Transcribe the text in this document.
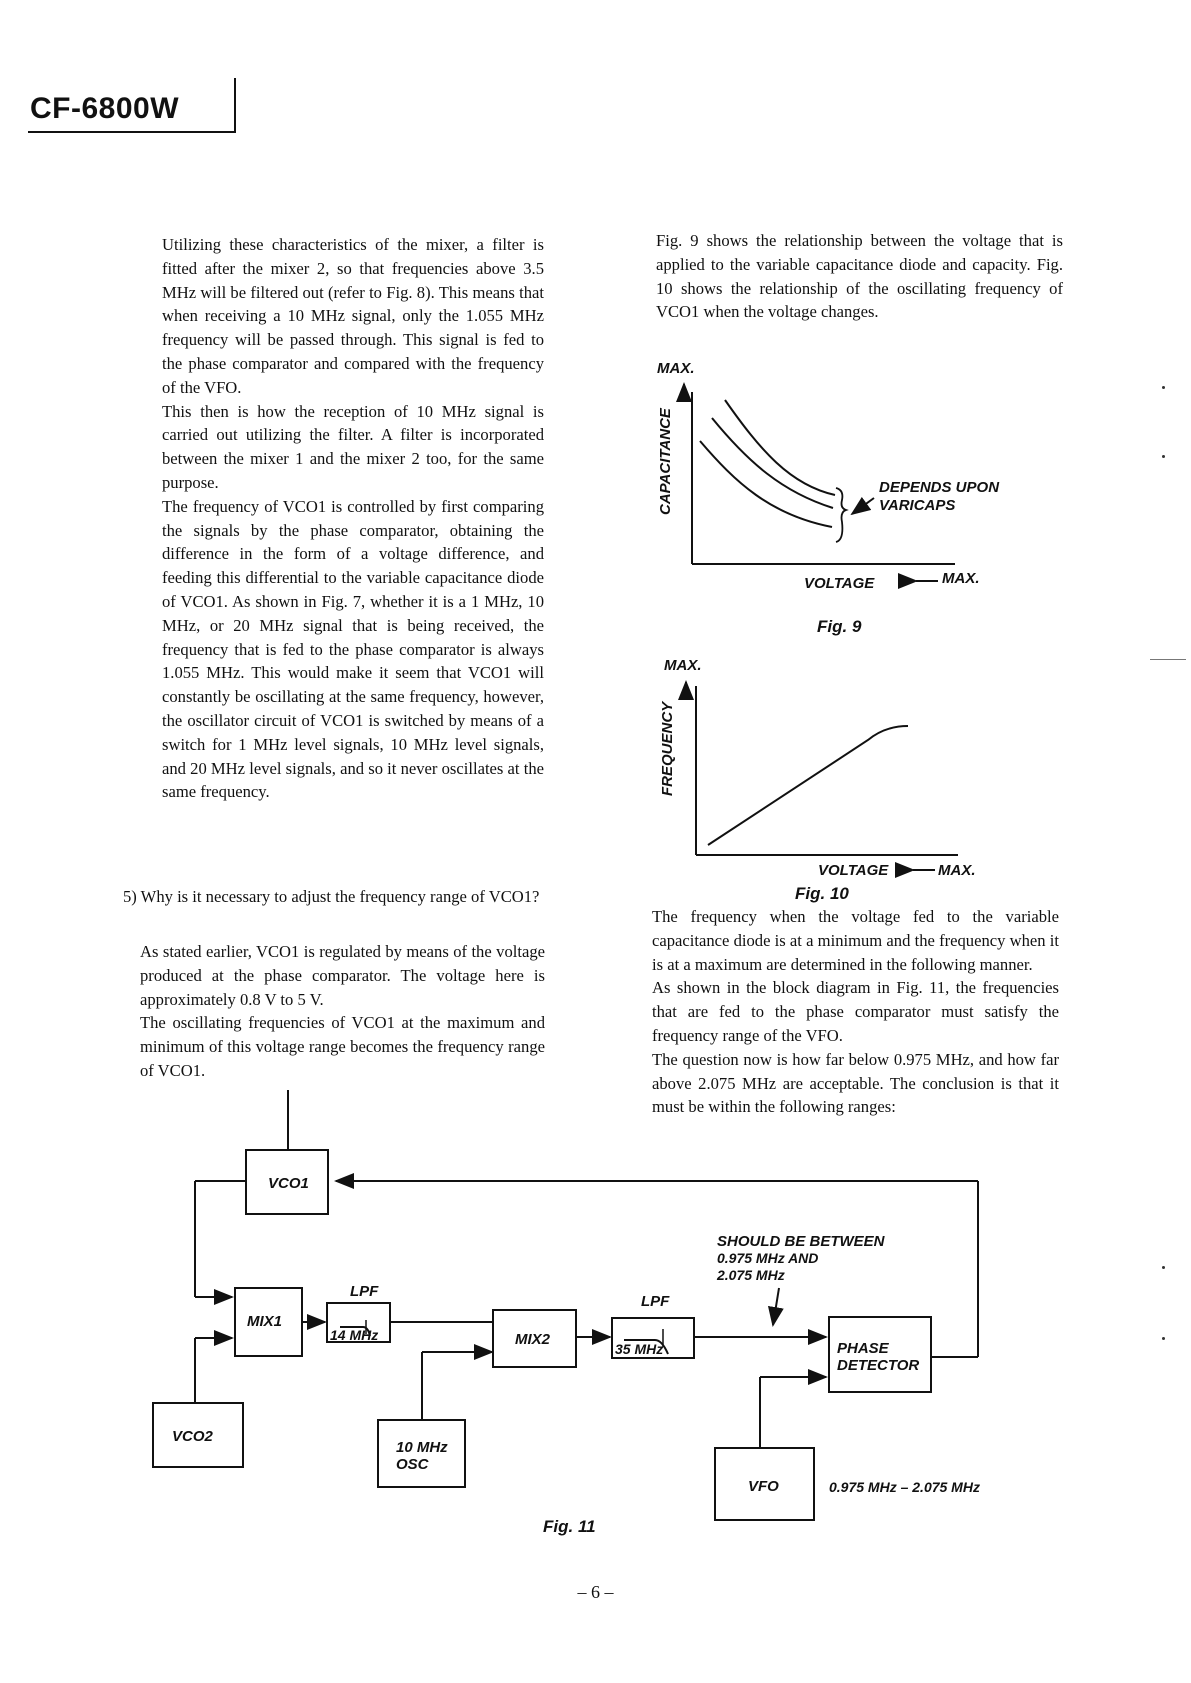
CF-6800W

Utilizing these characteristics of the mixer, a filter is fitted after the mixer 2, so that frequencies above 3.5 MHz will be filtered out (refer to Fig. 8). This means that when receiving a 10 MHz signal, only the 1.055 MHz frequency will be passed through. This signal is fed to the phase comparator and compared with the frequency of the VFO.

This then is how the reception of 10 MHz signal is carried out utilizing the filter. A filter is incorporated between the mixer 1 and the mixer 2 too, for the same purpose.

The frequency of VCO1 is controlled by first comparing the signals by the phase comparator, obtaining the difference in the form of a voltage difference, and feeding this differential to the variable capacitance diode of VCO1. As shown in Fig. 7, whether it is a 1 MHz, 10 MHz, or 20 MHz signal that is being received, the frequency that is fed to the phase comparator is always 1.055 MHz. This would make it seem that VCO1 will constantly be oscillating at the same frequency, however, the oscillator circuit of VCO1 is switched by means of a switch for 1 MHz level signals, 10 MHz level signals, and 20 MHz level signals, and so it never oscillates at the same frequency.

5) Why is it necessary to adjust the frequency range of VCO1?

As stated earlier, VCO1 is regulated by means of the voltage produced at the phase comparator. The voltage here is approximately 0.8 V to 5 V.

The oscillating frequencies of VCO1 at the maximum and minimum of this voltage range becomes the frequency range of VCO1.

Fig. 9 shows the relationship between the voltage that is applied to the variable capacitance diode and capacity. Fig. 10 shows the relationship of the oscillating frequency of VCO1 when the voltage changes.

The frequency when the voltage fed to the variable capacitance diode is at a minimum and the frequency when it is at a maximum are determined in the following manner.

As shown in the block diagram in Fig. 11, the frequencies that are fed to the phase comparator must satisfy the frequency range of the VFO.

The question now is how far below 0.975 MHz, and how far above 2.075 MHz are acceptable. The conclusion is that it must be within the following ranges:

MAX.
CAPACITANCE	DEPENDS UPON
VARICAPS
VOLTAGE	MAX.
Fig. 9
MAX.
FREQUENCY
VOLTAGE	MAX.
Fig. 10
VCO1
MIX1
LPF
14 MHz	MIX2
LPF
35 MHz	PHASE
DETECTOR
VCO2
10 MHz
OSC
VFO	0.975 MHz – 2.075 MHz
SHOULD BE BETWEEN
0.975 MHz AND
2.075 MHz
Fig. 11
– 6 –
